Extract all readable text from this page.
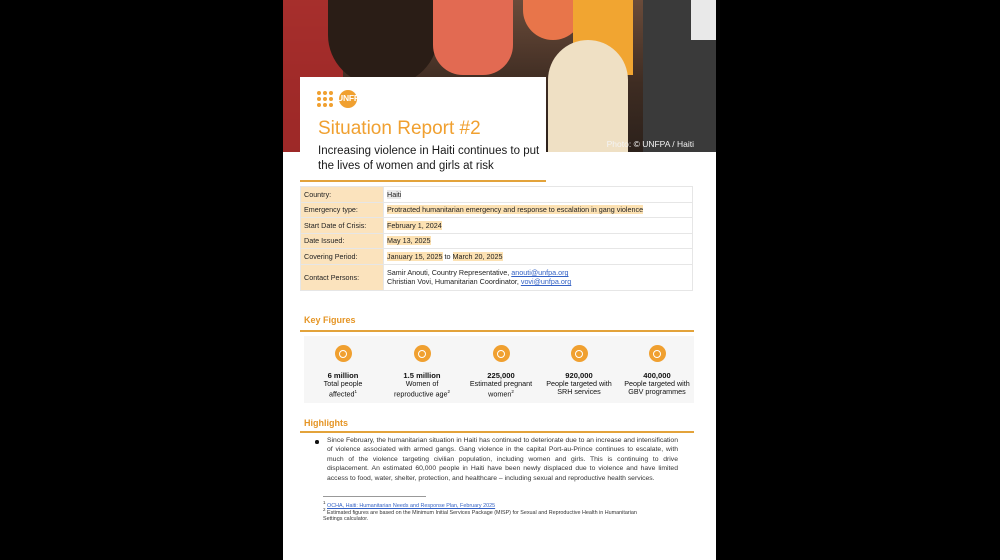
Photo: © UNFPA / Haiti
UNFPA
Situation Report #2
Increasing violence in Haiti continues to put the lives of women and girls at risk
Country:	Haiti
Emergency type:	Protracted humanitarian emergency and response to escalation in gang violence
Start Date of Crisis:	February 1, 2024
Date Issued:	May 13, 2025
Covering Period:	January 15, 2025 to March 20, 2025
Contact Persons:	Samir Anouti, Country Representative, anouti@unfpa.org
Christian Vovi, Humanitarian Coordinator, vovi@unfpa.org
Key Figures
6 million
Total people
affected$^1$
1.5 million
Women of
reproductive age$^2$
225,000
Estimated pregnant
women$^2$
920,000
People targeted with
SRH services
400,000
People targeted with
GBV programmes
Highlights
Since February, the humanitarian situation in Haiti has continued to deteriorate due to an increase and intensification of violence associated with armed gangs. Gang violence in the capital Port-au-Prince continues to escalate, with much of the violence targeting civilian population, including women and girls. This is continuing to drive displacement. An estimated 60,000 people in Haiti have been newly displaced due to violence and have limited access to food, water, shelter, protection, and healthcare – including sexual and reproductive health services.
$^1$ OCHA, Haiti: Humanitarian Needs and Response Plan, February 2025
$^2$ Estimated figures are based on the Minimum Initial Services Package (MISP) for Sexual and Reproductive Health in Humanitarian Settings calculator.
